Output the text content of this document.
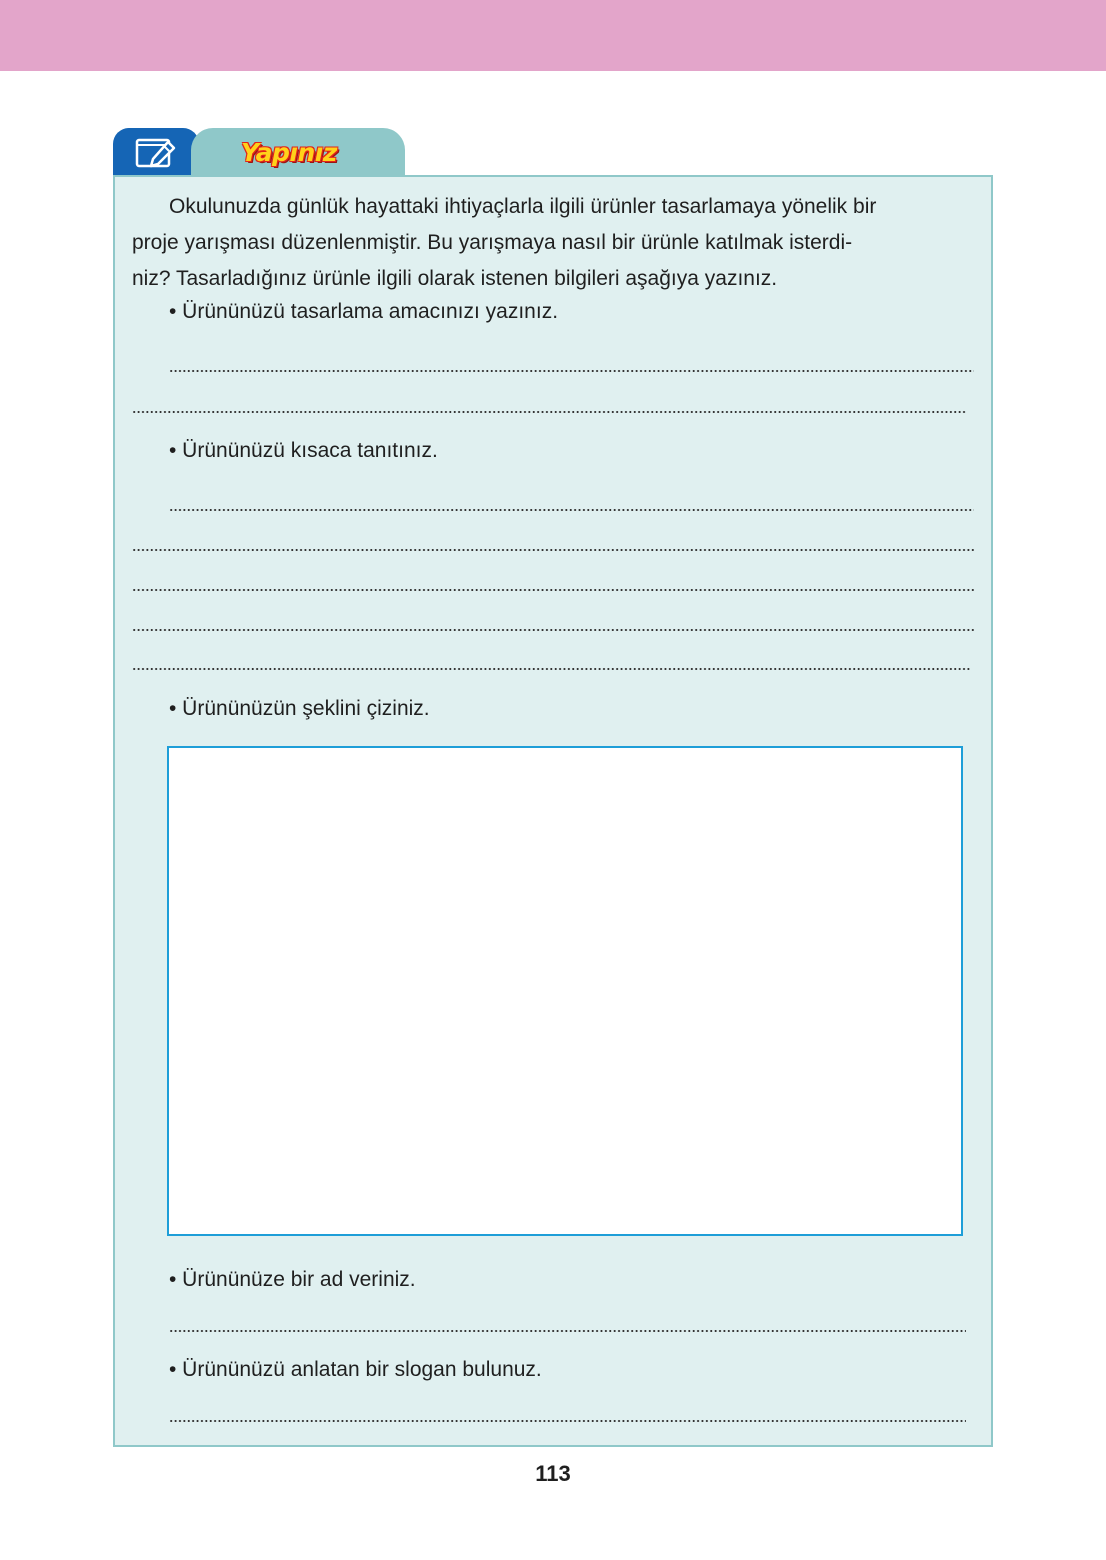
Yapınız
Okulunuzda günlük hayattaki ihtiyaçlarla ilgili ürünler tasarlamaya yönelik bir
proje yarışması düzenlenmiştir. Bu yarışmaya nasıl bir ürünle katılmak isterdi-
niz? Tasarladığınız ürünle ilgili olarak istenen bilgileri aşağıya yazınız.
• Ürününüzü tasarlama amacınızı yazınız.
• Ürününüzü kısaca tanıtınız.
• Ürününüzün şeklini çiziniz.
• Ürününüze bir ad veriniz.
• Ürününüzü anlatan bir slogan bulunuz.
113
